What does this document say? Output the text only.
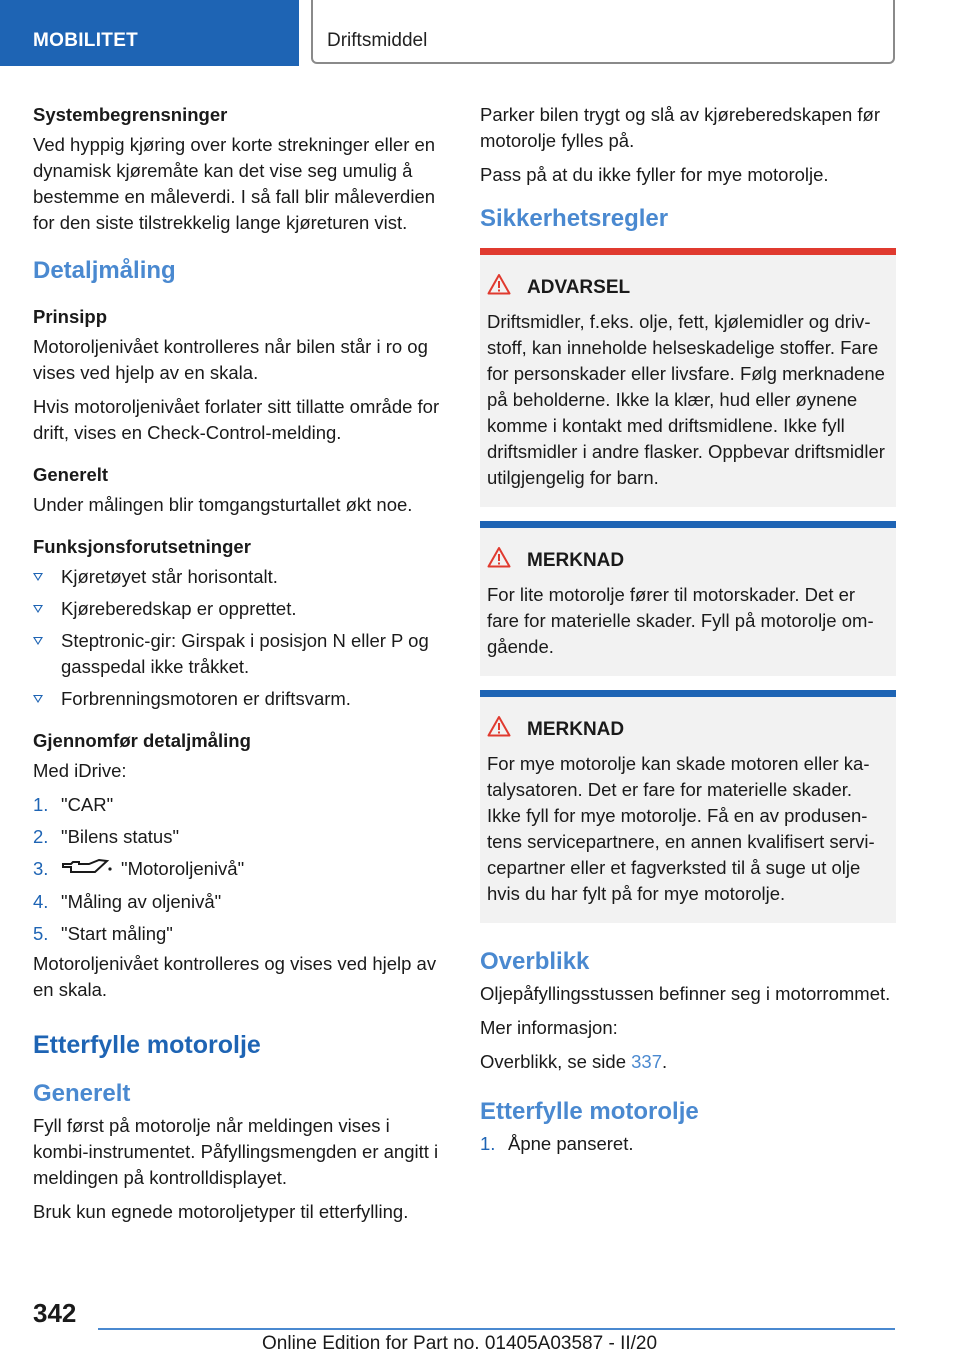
MOBILITET	Driftsmiddel
Systembegrensninger

Ved hyppig kjøring over korte strekninger eller en dynamisk kjøremåte kan det vise seg umulig å bestemme en måleverdi. I så fall blir måleverdien for den siste tilstrekkelig lange kjøreturen vist.

Detaljmåling
Prinsipp

Motoroljenivået kontrolleres når bilen står i ro og vises ved hjelp av en skala.

Hvis motoroljenivået forlater sitt tillatte område for drift, vises en Check-Control-melding.

Generelt

Under målingen blir tomgangsturtallet økt noe.

Funksjonsforutsetninger
Kjøretøyet står horisontalt.
Kjøreberedskap er opprettet.
Steptronic-gir: Girspak i posisjon N eller P og gasspedal ikke tråkket.
Forbrenningsmotoren er driftsvarm.
Gjennomfør detaljmåling

Med iDrive:

1. "CAR"
2. "Bilens status"
3.	"Motoroljenivå"
4. "Måling av oljenivå"
5. "Start måling"

Motoroljenivået kontrolleres og vises ved hjelp av en skala.

Etterfylle motorolje
Generelt

Fyll først på motorolje når meldingen vises i kombi-instrumentet. Påfyllingsmengden er angitt i meldingen på kontrolldisplayet.

Bruk kun egnede motoroljetyper til etterfylling.

Parker bilen trygt og slå av kjøreberedskapen før motorolje fylles på.

Pass på at du ikke fyller for mye motorolje.

Sikkerhetsregler
ADVARSEL

Driftsmidler, f.eks. olje, fett, kjølemidler og drivstoff, kan inneholde helseskadelige stoffer. Fare for personskader eller livsfare. Følg merknadene på beholderne. Ikke la klær, hud eller øynene komme i kontakt med driftsmidlene. Ikke fyll driftsmidler i andre flasker. Oppbevar driftsmidler utilgjengelig for barn.

MERKNAD

For lite motorolje fører til motorskader. Det er fare for materielle skader. Fyll på motorolje omgående.

MERKNAD

For mye motorolje kan skade motoren eller katalysatoren. Det er fare for materielle skader. Ikke fyll for mye motorolje. Få en av produsentens servicepartnere, en annen kvalifisert servicepartner eller et fagverksted til å suge ut olje hvis du har fylt på for mye motorolje.

Overblikk

Oljepåfyllingsstussen befinner seg i motorrommet.

Mer informasjon:

Overblikk, se side 337.

Etterfylle motorolje
1. Åpne panseret.
342
Online Edition for Part no. 01405A03587 - II/20
